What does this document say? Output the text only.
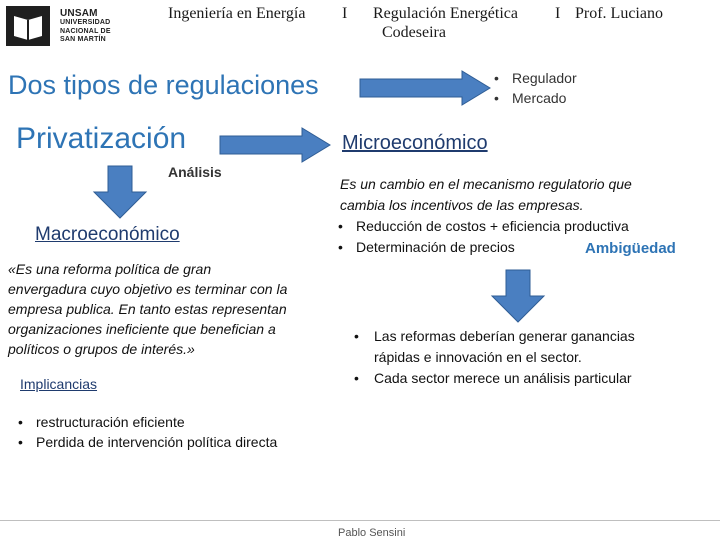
UNSAM
UNIVERSIDAD
NACIONAL DE
SAN MARTÍN
Ingeniería en Energía I Regulación Energética I Prof. Luciano
Codeseira
Dos tipos de regulaciones
•	Regulador
• Mercado
Privatización	Microeconómico
Análisis
Macroeconómico
Es un cambio en el mecanismo regulatorio que
cambia los incentivos de las empresas.
• Reducción de costos + eficiencia productiva
• Determinación de precios	Ambigüedad
«Es una reforma política de gran
envergadura cuyo objetivo es terminar con la
empresa publica. En tanto estas representan
organizaciones ineficiente que benefician a
políticos o grupos de interés.»
• Las reformas deberían generar ganancias
rápidas e innovación en el sector.
• Cada sector merece un análisis particular
Implicancias
• restructuración eficiente
• Perdida de intervención política directa
Pablo Sensini
